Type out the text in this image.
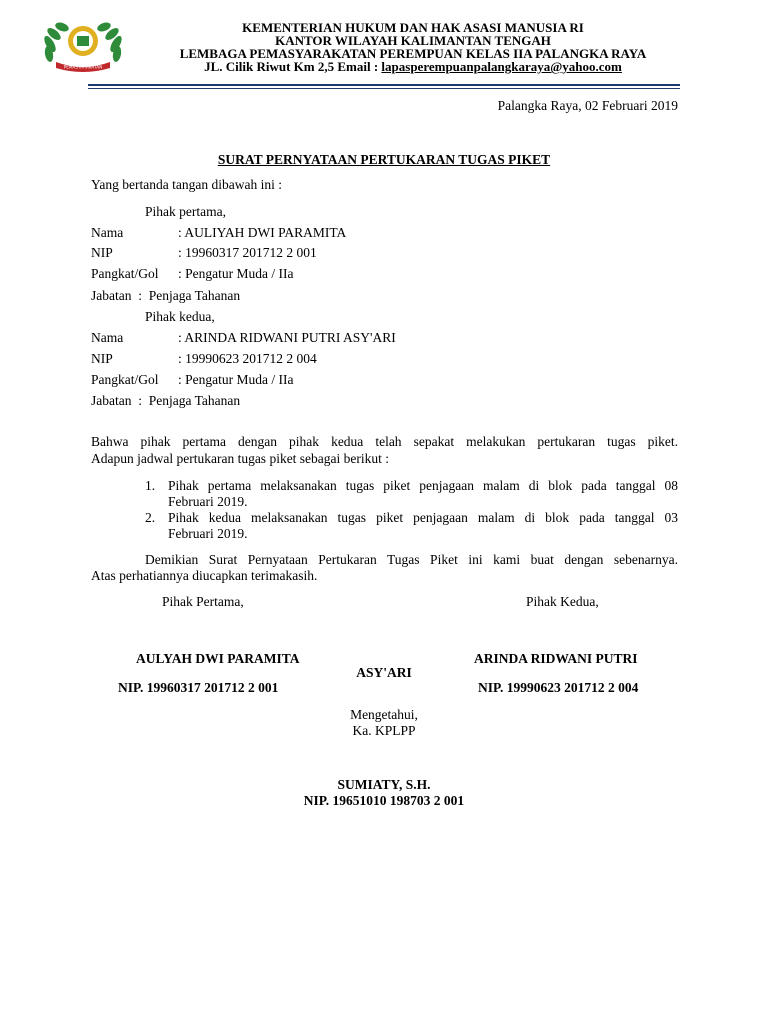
PEMASYARAKATAN
KEMENTERIAN HUKUM DAN HAK ASASI MANUSIA RI
KANTOR WILAYAH KALIMANTAN TENGAH
LEMBAGA PEMASYARAKATAN PEREMPUAN KELAS IIA PALANGKA RAYA
JL. Cilik Riwut Km 2,5 Email : lapasperempuanpalangkaraya@yahoo.com
Palangka Raya, 02 Februari 2019
SURAT PERNYATAAN PERTUKARAN TUGAS PIKET
Yang bertanda tangan dibawah ini :
Pihak pertama,
Nama	: AULIYAH DWI PARAMITA
NIP	: 19960317 201712 2 001
Pangkat/Gol : Pengatur Muda / IIa
Jabatan  :  Penjaga Tahanan
Pihak kedua,
Nama	: ARINDA RIDWANI PUTRI ASY'ARI
NIP	: 19990623 201712 2 004
Pangkat/Gol : Pengatur Muda / IIa
Jabatan  :  Penjaga Tahanan
Bahwa pihak pertama dengan pihak kedua telah sepakat melakukan pertukaran tugas piket.
Adapun jadwal pertukaran tugas piket sebagai berikut :
1. Pihak pertama melaksanakan tugas piket penjagaan malam di blok pada tanggal 08
Februari 2019.
2. Pihak kedua melaksanakan tugas piket penjagaan malam di blok pada tanggal 03
Februari 2019.
Demikian Surat Pernyataan Pertukaran Tugas Piket ini kami buat dengan sebenarnya.
Atas perhatiannya diucapkan terimakasih.
Pihak Pertama,	Pihak Kedua,
AULYAH DWI PARAMITA	ARINDA RIDWANI PUTRI
ASY'ARI
NIP. 19960317 201712 2 001	NIP. 19990623 201712 2 004
Mengetahui,
Ka. KPLPP
SUMIATY, S.H.
NIP. 19651010 198703 2 001
